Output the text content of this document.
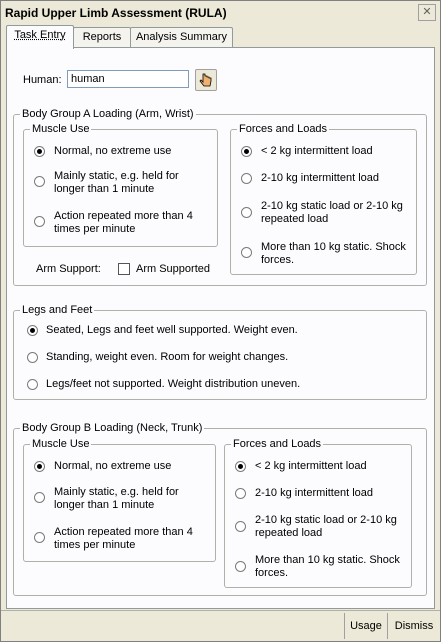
Rapid Upper Limb Assessment (RULA)	✕
Task Entry	Reports	Analysis Summary
Human:
human
Body Group A Loading (Arm, Wrist)
Muscle Use
Normal, no extreme use
Mainly static, e.g. held for longer than 1 minute
Action repeated more than 4 times per minute
Forces and Loads
< 2 kg intermittent load
2-10 kg intermittent load
2-10 kg static load or 2-10 kg repeated load
More than 10 kg static. Shock forces.
Arm Support:	Arm Supported
Legs and Feet
Seated, Legs and feet well supported. Weight even.
Standing, weight even. Room for weight changes.
Legs/feet not supported. Weight distribution uneven.
Body Group B Loading (Neck, Trunk)
Muscle Use
Normal, no extreme use
Mainly static, e.g. held for longer than 1 minute
Action repeated more than 4 times per minute
Forces and Loads
< 2 kg intermittent load
2-10 kg intermittent load
2-10 kg static load or 2-10 kg repeated load
More than 10 kg static. Shock forces.
Usage	Dismiss
